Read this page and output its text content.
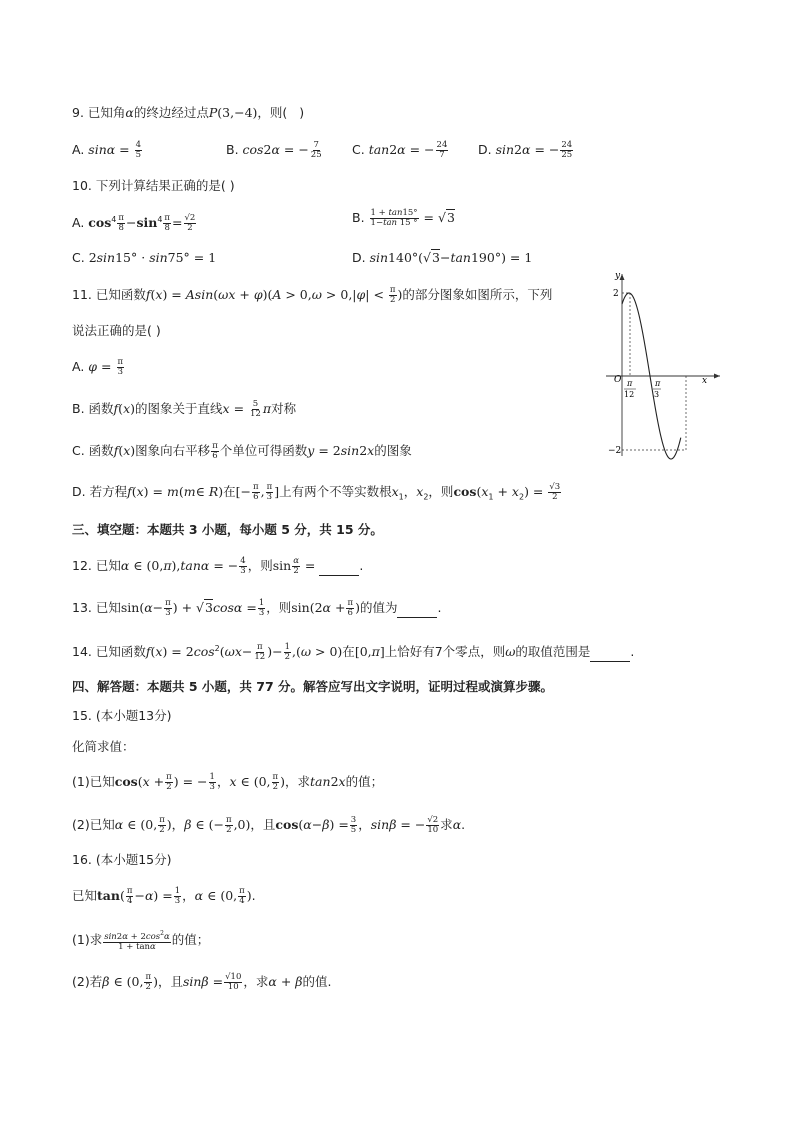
9. 已知角α的终边经过点P(3,−4)，则(   )
A. $\sin\alpha = \frac{4}{5}$	B. cos2α = − $\frac{7}{25} C$. tan2α = − $\frac{24}{7} D$. sin2α = − $\frac{24}{25}$
10. 下列计算结果正确的是( )
A. $\cos^4 \frac{\pi}{8} -\sin^4 \frac{\pi}{8} = \frac{√2}{2}$	B. $\frac{1 + \tan 15^\circ}{1-\tan 15 ^\circ} = √3$
C. 2sin15° · sin75° = 1	D. sin140°(√3−tan190°) = 1
11. 已知函数$f(x) = Asin(\omega x + \varphi)(A > 0,\omega > 0,|\varphi| < \frac{\pi}{2}$ )的部分图象如图所示，下列
说法正确的是( )
A. $\varphi = \frac{\pi}{3}$
B. 函数f(x)的图象关于直线$x = \frac{5}{12}$ π对称
C. 函数f(x)图象向右平移 $\frac{\pi}{6}$ 个单位可得函数y = 2sin2x的图象
D. 若方程f(x) = m(m∈ R)在[− $\frac{\pi}{6}$ , $\frac{\pi}{3}$ ]上有两个不等实数根$x_1$，$x_2$，则$\cos(x_1 + x_2) = \frac{√3}{2}$
y
x
O
2
−2
π
12
π
3
三、填空题：本题共 3 小题，每小题 5 分，共 15 分。
12. 已知α ∈ (0,π),tanα = − $\frac{4}{3}$ ，则$\sin \frac{\alpha}{2}$ =	.
13. 已知$\sin(\alpha- \frac{\pi}{3}$ ) + $√3\cos\alpha = \frac{1}{3}$ ，则$\sin(2\alpha + \frac{\pi}{6}$ )的值为	.
14. 已知函数$f(x) = 2\cos^2(\omega x- \frac{\pi}{12}$ )− $\frac{1}{2} ,(\omega > 0)$在[0,π]上恰好有7个零点，则ω的取值范围是	.
四、解答题：本题共 5 小题，共 77 分。解答应写出文字说明，证明过程或演算步骤。
15. (本小题13分)
化简求值：
(1)已知$\cos(x + \frac{\pi}{2}$ ) = − $\frac{1}{3}$ ，x ∈ (0, $\frac{\pi}{2}$ )，求tan2x的值；
(2)已知α ∈ (0, $\frac{\pi}{2}$ )，β ∈ (− $\frac{\pi}{2} ,0$)，且$\cos(\alpha-\beta) = \frac{3}{5}$ ，sinβ = − $\frac{√2}{10}$ 求α.
16. (本小题15分)
已知$\tan( \frac{\pi}{4} -\alpha) = \frac{1}{3}$ ，α ∈ (0, $\frac{\pi}{4}$ ).
(1)求 $\frac{\sin 2\alpha + 2\cos^2\alpha}{1 + \tan\alpha}$ 的值；
(2)若β ∈ (0, $\frac{\pi}{2}$ )，且$\sin\beta = \frac{√10}{10}$ ，求α + β的值.
